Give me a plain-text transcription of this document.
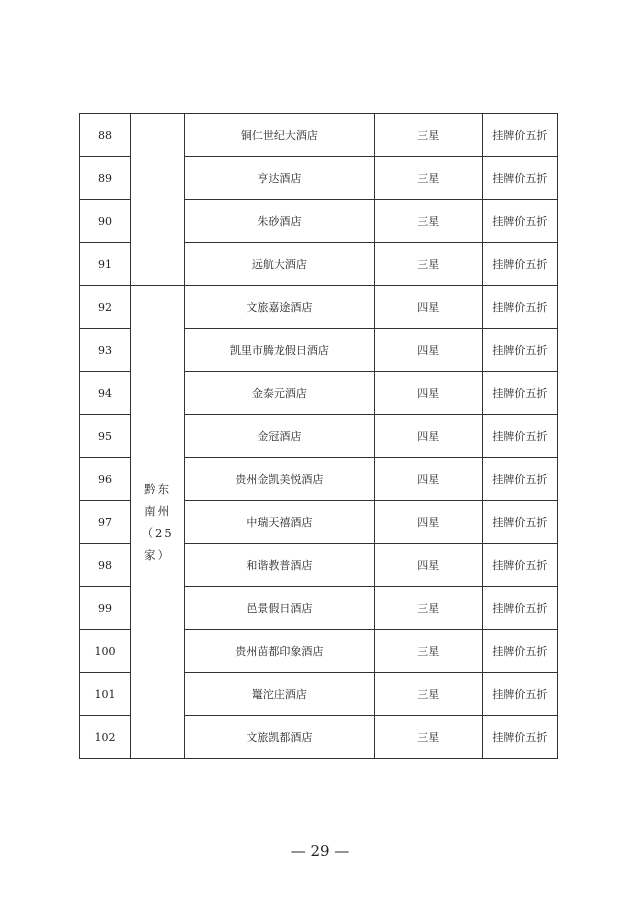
88		铜仁世纪大酒店	三星	挂牌价五折
89		亨达酒店	三星	挂牌价五折
90		朱砂酒店	三星	挂牌价五折
91		远航大酒店	三星	挂牌价五折
92	黔东南州（25家）	文旅嘉途酒店	四星	挂牌价五折
93		凯里市腾龙假日酒店	四星	挂牌价五折
94		金泰元酒店	四星	挂牌价五折
95		金冠酒店	四星	挂牌价五折
96		贵州金凯美悦酒店	四星	挂牌价五折
97		中瑞天禧酒店	四星	挂牌价五折
98		和谐教普酒店	四星	挂牌价五折
99		邑景假日酒店	三星	挂牌价五折
100		贵州苗都印象酒店	三星	挂牌价五折
101		鼍沱庄酒店	三星	挂牌价五折
102		文旅凯都酒店	三星	挂牌价五折
— 29 —
